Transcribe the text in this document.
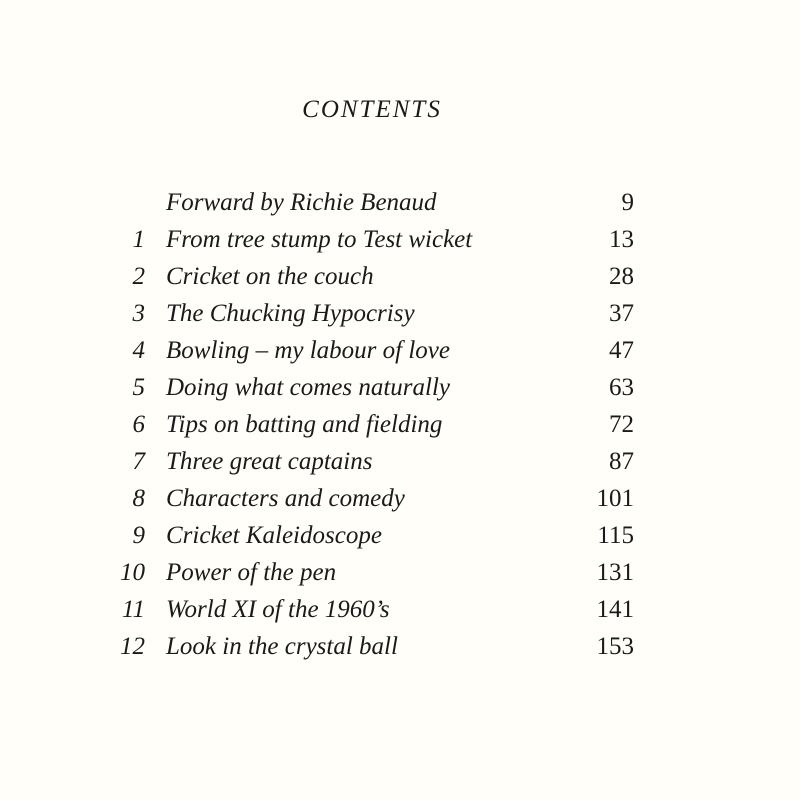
CONTENTS
Forward by Richie Benaud	9
1 From tree stump to Test wicket	13
2 Cricket on the couch	28
3 The Chucking Hypocrisy	37
4 Bowling – my labour of love	47
5 Doing what comes naturally	63
6 Tips on batting and fielding	72
7 Three great captains	87
8 Characters and comedy	101
9 Cricket Kaleidoscope	115
10 Power of the pen	131
11 World XI of the 1960’s	141
12 Look in the crystal ball	153
